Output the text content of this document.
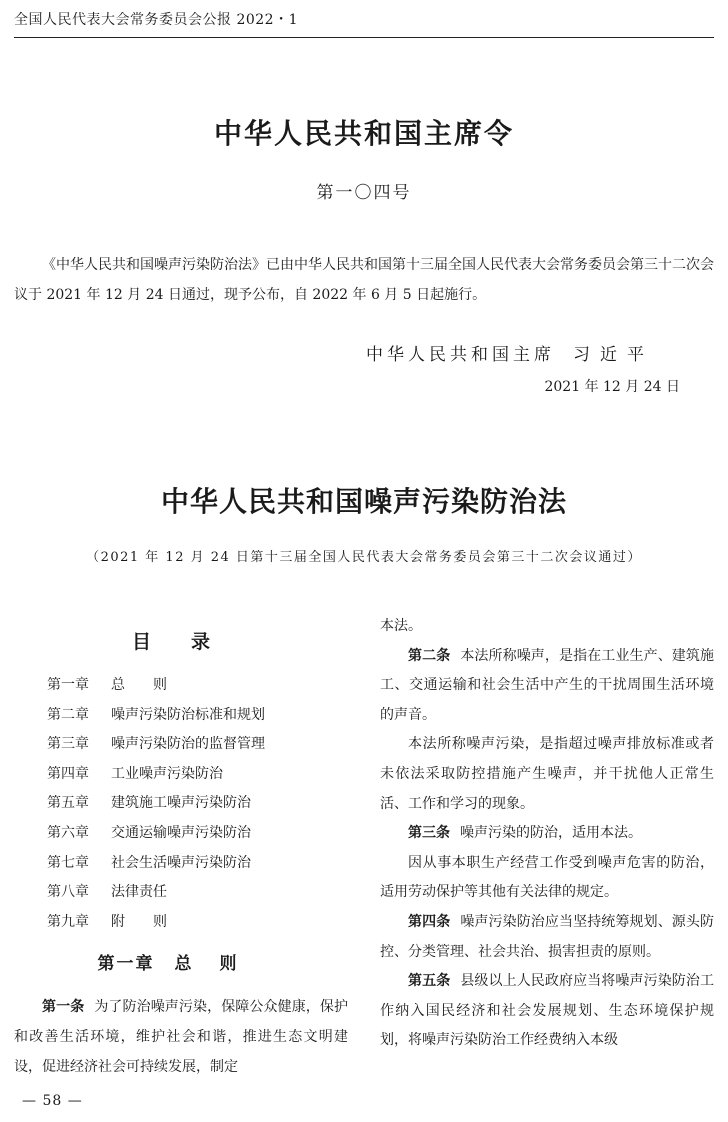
全国人民代表大会常务委员会公报 2022・1
中华人民共和国主席令
第一〇四号

《中华人民共和国噪声污染防治法》已由中华人民共和国第十三届全国人民代表大会常务委员会第三十二次会议于 2021 年 12 月 24 日通过，现予公布，自 2022 年 6 月 5 日起施行。

中华人民共和国主席 习近平
2021 年 12 月 24 日
中华人民共和国噪声污染防治法
（2021 年 12 月 24 日第十三届全国人民代表大会常务委员会第三十二次会议通过）
目录
第一章 总　　则
第二章 噪声污染防治标准和规划
第三章 噪声污染防治的监督管理
第四章 工业噪声污染防治
第五章 建筑施工噪声污染防治
第六章 交通运输噪声污染防治
第七章 社会生活噪声污染防治
第八章 法律责任
第九章 附　　则
第一章 总则

第一条 为了防治噪声污染，保障公众健康，保护和改善生活环境，维护社会和谐，推进生态文明建设，促进经济社会可持续发展，制定

本法。

第二条 本法所称噪声，是指在工业生产、建筑施工、交通运输和社会生活中产生的干扰周围生活环境的声音。

本法所称噪声污染，是指超过噪声排放标准或者未依法采取防控措施产生噪声，并干扰他人正常生活、工作和学习的现象。

第三条 噪声污染的防治，适用本法。

因从事本职生产经营工作受到噪声危害的防治，适用劳动保护等其他有关法律的规定。

第四条 噪声污染防治应当坚持统筹规划、源头防控、分类管理、社会共治、损害担责的原则。

第五条 县级以上人民政府应当将噪声污染防治工作纳入国民经济和社会发展规划、生态环境保护规划，将噪声污染防治工作经费纳入本级

— 58 —
